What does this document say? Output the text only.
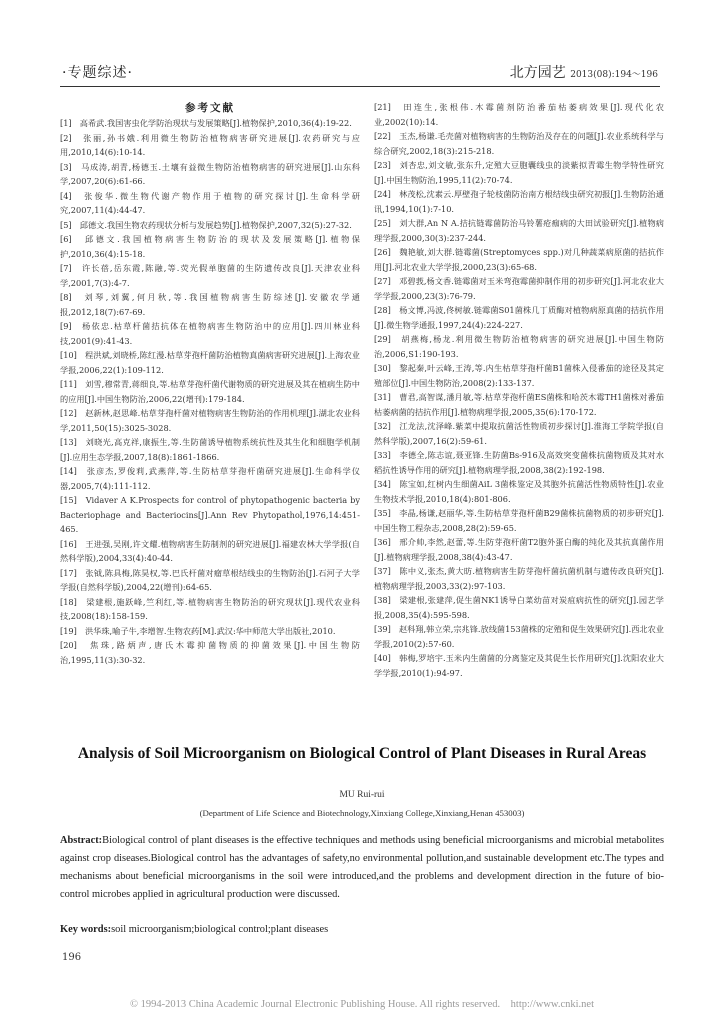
·专题综述·	北方园艺 2013(08):194～196
参考文献

[1]　高希武.我国害虫化学防治现状与发展策略[J].植物保护,2010,36(4):19-22.

[2]　张丽,孙书娥.利用微生物防治植物病害研究进展[J].农药研究与应用,2010,14(6):10-14.

[3]　马成涛,胡青,杨德玉.土壤有益微生物防治植物病害的研究进展[J].山东科学,2007,20(6):61-66.

[4]　张俊华.微生物代谢产物作用于植物的研究探讨[J].生命科学研究,2007,11(4):44-47.

[5]　邱德文.我国生物农药现状分析与发展趋势[J].植物保护,2007,32(5):27-32.

[6]　邱德文.我国植物病害生物防治的现状及发展策略[J].植物保护,2010,36(4):15-18.

[7]　许长蓓,岳东霞,陈融,等.荧光假单胞菌的生防遗传改良[J].天津农业科学,2001,7(3):4-7.

[8]　刘琴,刘翼,何月秋,等.我国植物病害生防综述[J].安徽农学通报,2012,18(7):67-69.

[9]　杨依忠.枯草杆菌拮抗体在植物病害生物防治中的应用[J].四川林业科技,2001(9):41-43.

[10]　程洪斌,刘晓桥,陈红漫.枯草芽孢杆菌防治植物真菌病害研究进展[J].上海农业学报,2006,22(1):109-112.

[11]　刘雪,穆常青,蒋细良,等.枯草芽孢杆菌代谢物质的研究进展及其在植病生防中的应用[J].中国生物防治,2006,22(增刊):179-184.

[12]　赵新林,赵思峰.枯草芽孢杆菌对植物病害生物防治的作用机理[J].湖北农业科学,2011,50(15):3025-3028.

[13]　刘晓光,高克祥,康振生,等.生防菌诱导植物系统抗性及其生化和细胞学机制[J].应用生态学报,2007,18(8):1861-1866.

[14]　张彦杰,罗俊莉,武燕萍,等.生防枯草芽孢杆菌研究进展[J].生命科学仪器,2005,7(4):111-112.

[15]　Vidaver A K.Prospects for control of phytopathogenic bacteria by Bacteriophage and Bacteriocins[J].Ann Rev Phytopathol,1976,14:451-465.

[16]　王进强,吴刚,许文耀.植物病害生防制剂的研究进展[J].福建农林大学学报(自然科学版),2004,33(4):40-44.

[17]　张钺,陈具梅,陈昊权,等.巴氏杆菌对瘤草根结线虫的生物防治[J].石河子大学学报(自然科学版),2004,22(增刊):64-65.

[18]　梁建根,施跃峰,竺利红,等.植物病害生物防治的研究现状[J].现代农业科技,2008(18):158-159.

[19]　洪华珠,喻子牛,李增智.生物农药[M].武汉:华中师范大学出版社,2010.

[20]　焦珠,路炳声,唐氏木霉抑菌物质的抑菌效果[J].中国生物防治,1995,11(3):30-32.

[21]　田连生,张根伟.木霉菌剂防治番茄枯萎病效果[J].现代化农业,2002(10):14.

[22]　玉杰,杨谦.毛壳菌对植物病害的生物防治及存在的问题[J].农业系统科学与综合研究,2002,18(3):215-218.

[23]　刘杏忠,刘文敏,张东升,定殖大豆胞囊线虫的淡紫拟青霉生物学特性研究[J].中国生物防治,1995,11(2):70-74.

[24]　林茂松,沈素云.厚壁孢子轮枝菌防治南方根结线虫研究初报[J].生物防治通讯,1994,10(1):7-10.

[25]　刘大群,An N A.拮抗链霉菌防治马铃薯疮痂病的大田试验研究[J].植物病理学报,2000,30(3):237-244.

[26]　魏艳敏,刘大群.链霉菌(Streptomyces spp.)对几种蔬菜病原菌的拮抗作用[J].河北农业大学学报,2000,23(3):65-68.

[27]　邓碧莪,杨文香.链霉菌对玉米弯孢霉菌抑制作用的初步研究[J].河北农业大学学报,2000,23(3):76-79.

[28]　杨文博,冯波,佟树敏.链霉菌S01菌株几丁质酶对植物病原真菌的拮抗作用[J].微生物学通报,1997,24(4):224-227.

[29]　胡燕梅,杨龙.利用微生物防治植物病害的研究进展[J].中国生物防治,2006,S1:190-193.

[30]　黎起秦,叶云峰,王涛,等.内生枯草芽孢杆菌B1菌株入侵番茄的途径及其定殖部位[J].中国生物防治,2008(2):133-137.

[31]　曹君,高智谋,潘月敏,等.枯草芽孢杆菌ES菌株和哈茨木霉TH1菌株对番茄枯萎病菌的拮抗作用[J].植物病理学报,2005,35(6):170-172.

[32]　江龙法,沈泽峰.紫菜中提取抗菌活性物质初步探讨[J].淮海工学院学报(自然科学版),2007,16(2):59-61.

[33]　李德全,陈志谊,聂亚锋.生防菌Bs-916及高效突变菌株抗菌物质及其对水稻抗性诱导作用的研究[J].植物病理学报,2008,38(2):192-198.

[34]　陈宝如,红树内生细菌AiL 3菌株鉴定及其胞外抗菌活性物质特性[J].农业生物技术学报,2010,18(4):801-806.

[35]　李晶,杨谦,赵丽华,等.生防枯草芽孢杆菌B29菌株抗菌物质的初步研究[J].中国生物工程杂志,2008,28(2):59-65.

[36]　邢介帅,李然,赵蕾,等.生防芽孢杆菌T2胞外蛋白酶的纯化及其抗真菌作用[J].植物病理学报,2008,38(4):43-47.

[37]　陈中义,张杰,黄大昉.植物病害生防芽孢杆菌抗菌机制与遗传改良研究[J].植物病理学报,2003,33(2):97-103.

[38]　梁建根,张建萍,促生菌NK1诱导白菜幼苗对炭疽病抗性的研究[J].园艺学报,2008,35(4):595-598.

[39]　赵科翔,韩立荣,宗兆锋.放线菌153菌株的定殖和促生效果研究[J].西北农业学报,2010(2):57-60.

[40]　韩梅,罗培宇.玉米内生菌菌的分离鉴定及其促生长作用研究[J].沈阳农业大学学报,2010(1):94-97.

Analysis of Soil Microorganism on Biological Control of Plant Diseases in Rural Areas
MU Rui-rui
(Department of Life Science and Biotechnology,Xinxiang College,Xinxiang,Henan 453003)
Abstract:Biological control of plant diseases is the effective techniques and methods using beneficial microorganisms and microbial metabolites against crop diseases.Biological control has the advantages of safety,no environmental pollution,and sustainable development etc.The types and mechanisms about beneficial microorganisms in the soil were introduced,and the problems and development direction in the future of bio-control microbes applied in agricultural production were discussed.
Key words:soil microorganism;biological control;plant diseases
196
© 1994-2013 China Academic Journal Electronic Publishing House. All rights reserved.　http://www.cnki.net
